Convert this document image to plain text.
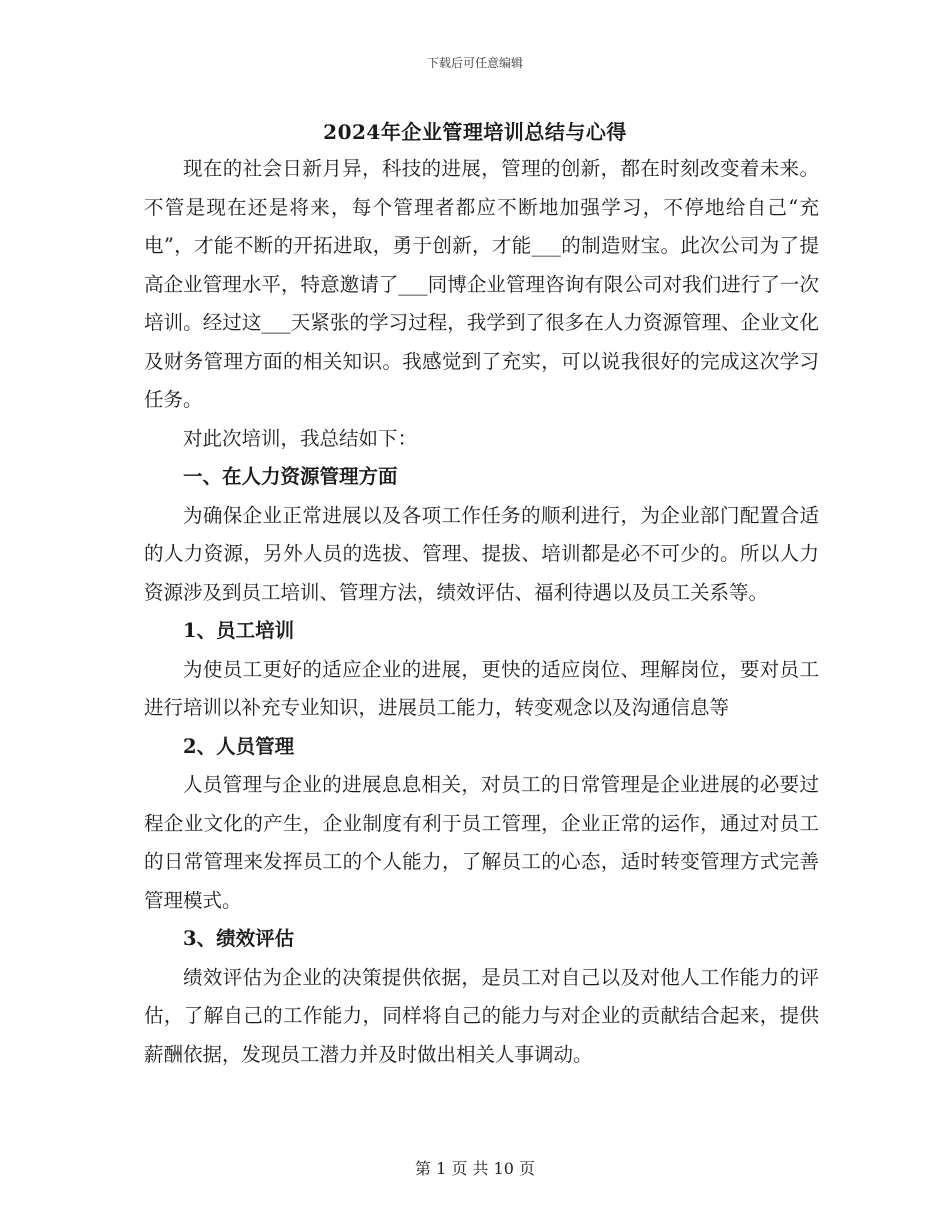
下载后可任意编辑
2024年企业管理培训总结与心得

现在的社会日新月异，科技的进展，管理的创新，都在时刻改变着未来。不管是现在还是将来，每个管理者都应不断地加强学习，不停地给自己“充电”，才能不断的开拓进取，勇于创新，才能___的制造财宝。此次公司为了提高企业管理水平，特意邀请了___同博企业管理咨询有限公司对我们进行了一次培训。经过这___天紧张的学习过程，我学到了很多在人力资源管理、企业文化及财务管理方面的相关知识。我感觉到了充实，可以说我很好的完成这次学习任务。

对此次培训，我总结如下：

一、在人力资源管理方面

为确保企业正常进展以及各项工作任务的顺利进行，为企业部门配置合适的人力资源，另外人员的选拔、管理、提拔、培训都是必不可少的。所以人力资源涉及到员工培训、管理方法，绩效评估、福利待遇以及员工关系等。

1、员工培训

为使员工更好的适应企业的进展，更快的适应岗位、理解岗位，要对员工进行培训以补充专业知识，进展员工能力，转变观念以及沟通信息等

2、人员管理

人员管理与企业的进展息息相关，对员工的日常管理是企业进展的必要过程企业文化的产生，企业制度有利于员工管理，企业正常的运作，通过对员工的日常管理来发挥员工的个人能力，了解员工的心态，适时转变管理方式完善管理模式。

3、绩效评估

绩效评估为企业的决策提供依据，是员工对自己以及对他人工作能力的评估，了解自己的工作能力，同样将自己的能力与对企业的贡献结合起来，提供薪酬依据，发现员工潜力并及时做出相关人事调动。

第 1 页 共 10 页
